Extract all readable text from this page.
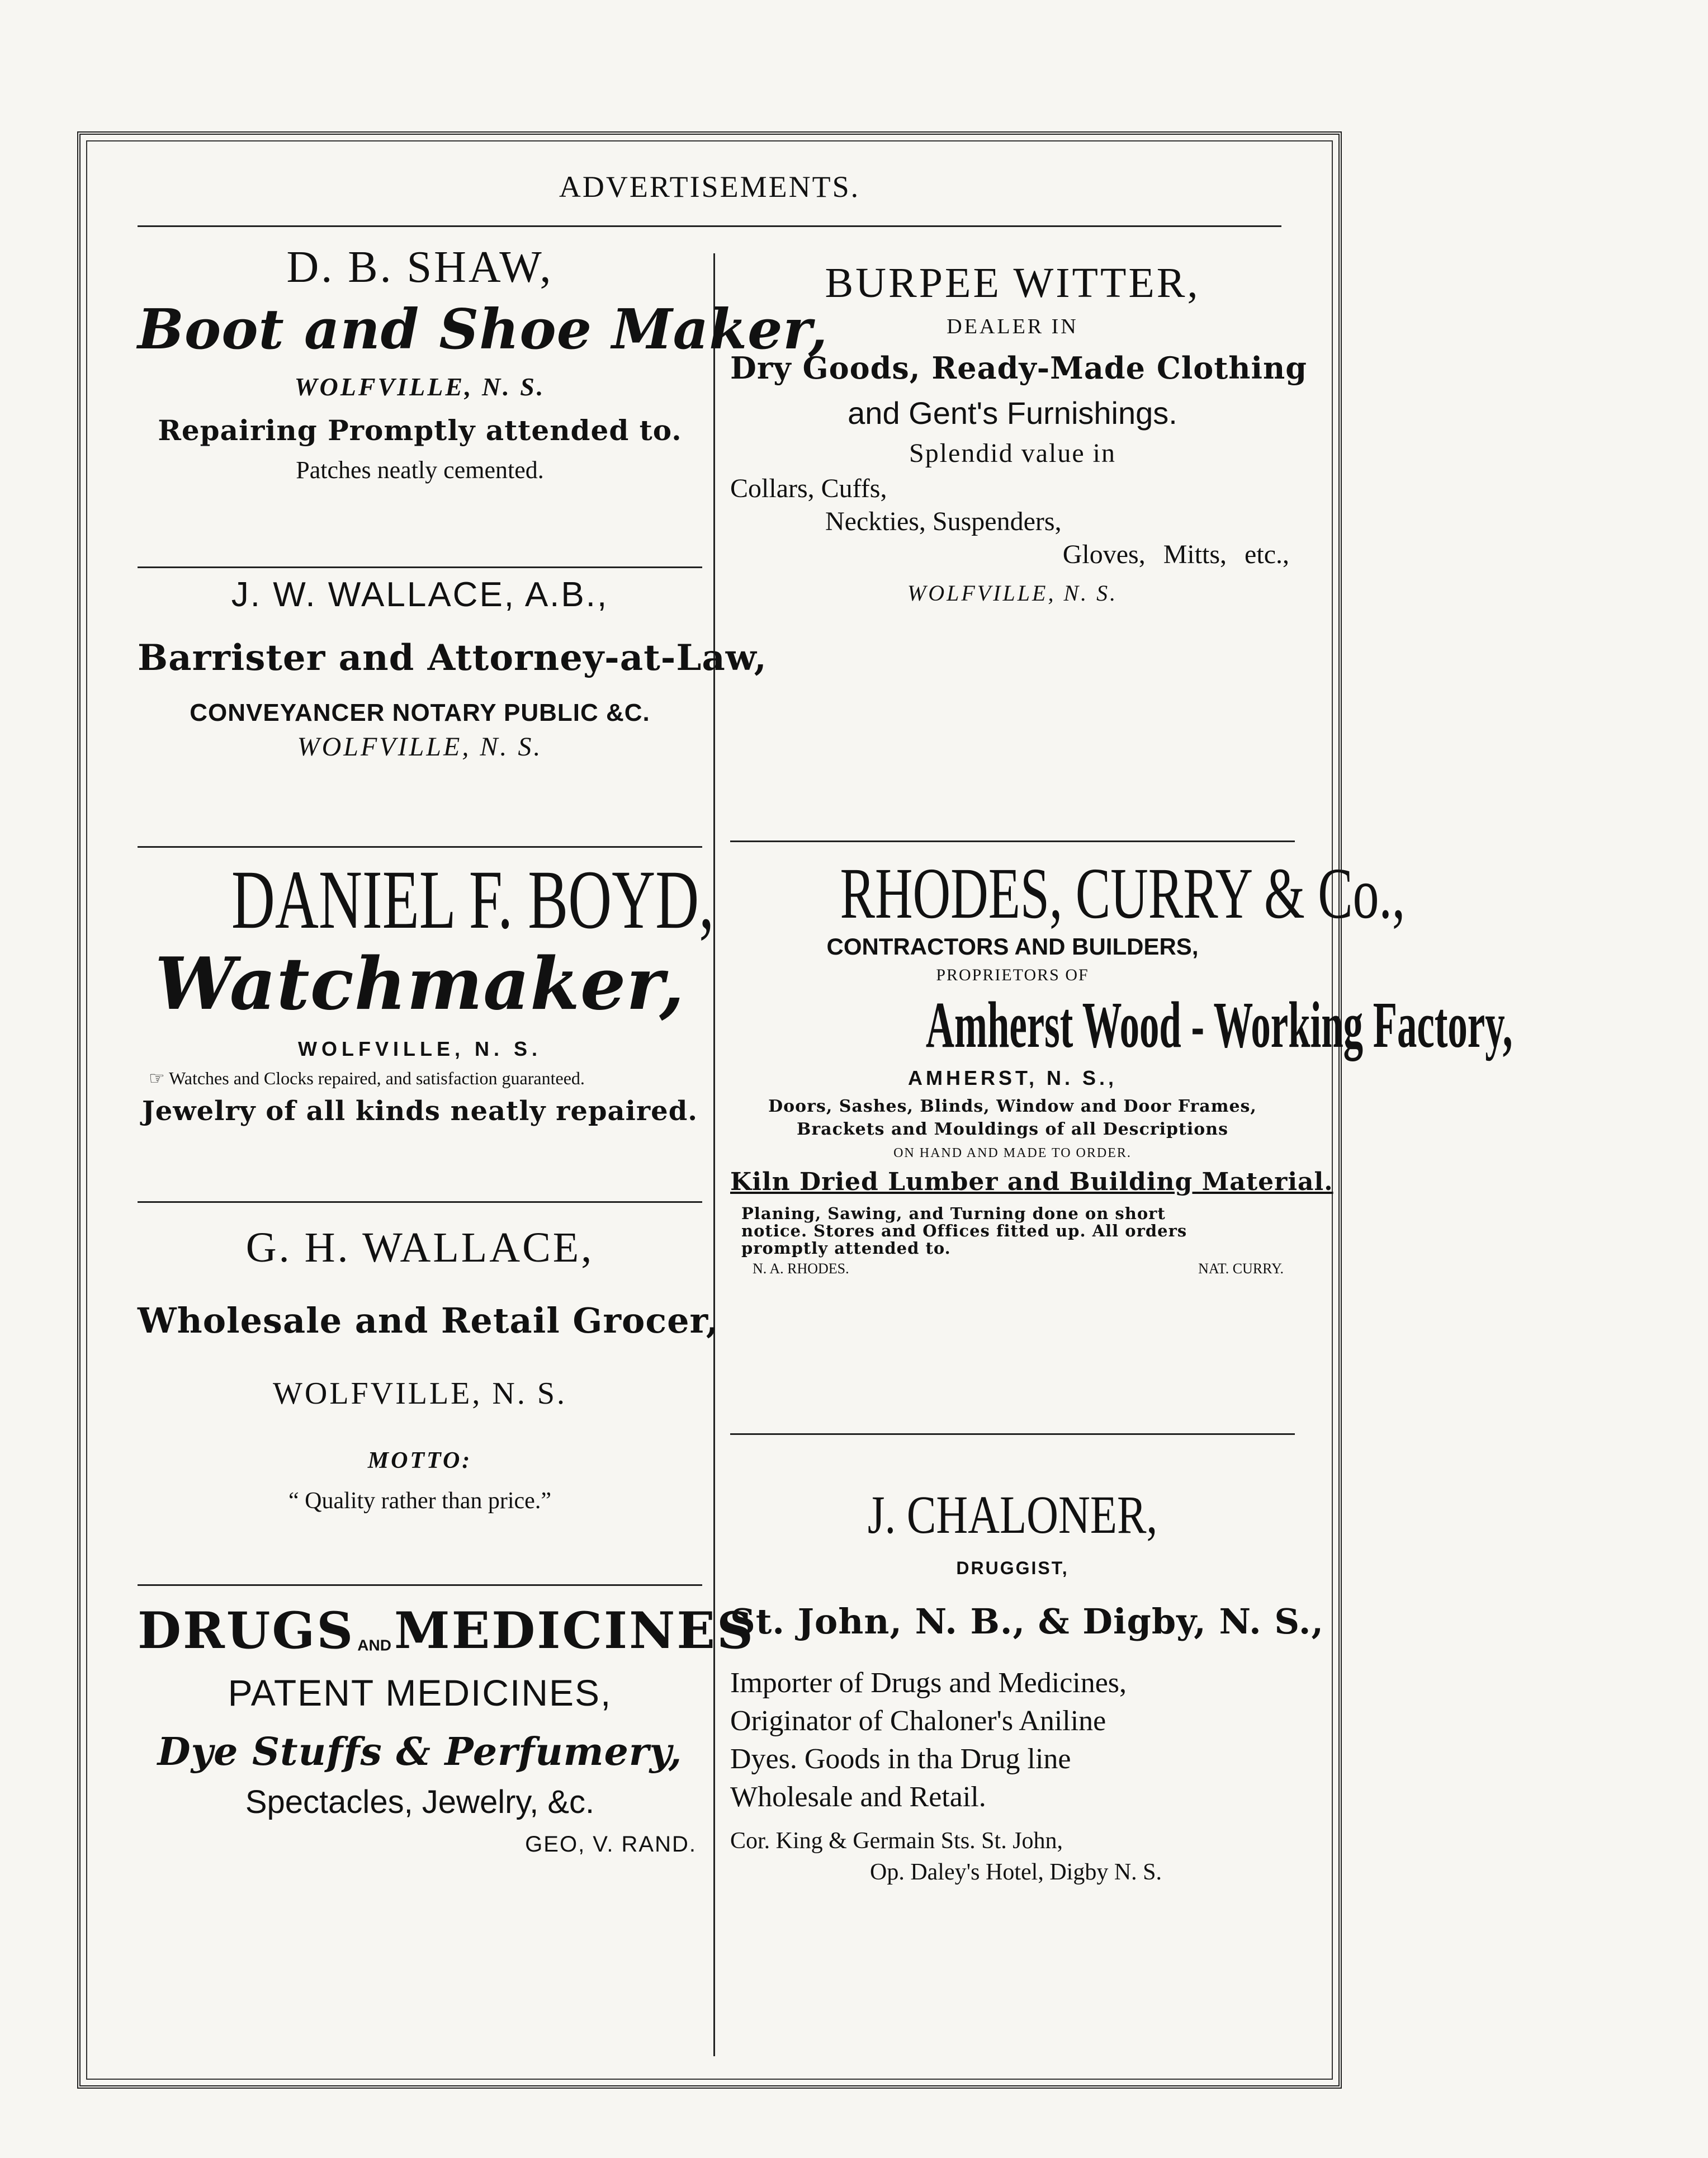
ADVERTISEMENTS.
D. B. SHAW,
Boot and Shoe Maker,
WOLFVILLE, N. S.
Repairing Promptly attended to.
Patches neatly cemented.
J. W. WALLACE, A.B.,
Barrister and Attorney-at-Law,
CONVEYANCER NOTARY PUBLIC &C.
WOLFVILLE, N. S.
DANIEL F. BOYD,
Watchmaker,
WOLFVILLE, N. S.
☞ Watches and Clocks repaired, and satisfaction guaranteed.
Jewelry of all kinds neatly repaired.
G. H. WALLACE,
Wholesale and Retail Grocer,
WOLFVILLE, N. S.
MOTTO:
“ Quality rather than price.”
DRUGS AND MEDICINES
PATENT MEDICINES,
Dye Stuffs & Perfumery,
Spectacles, Jewelry, &c.
GEO, V. RAND.
BURPEE WITTER,
DEALER IN
Dry Goods, Ready-Made Clothing
and Gent's Furnishings.
Splendid value in
Collars, Cuffs,
Neckties, Suspenders,
Gloves, Mitts, etc.,
WOLFVILLE, N. S.
RHODES, CURRY & Co.,
CONTRACTORS AND BUILDERS,
PROPRIETORS OF
Amherst Wood - Working Factory,
AMHERST, N. S.,
Doors, Sashes, Blinds, Window and Door Frames,
Brackets and Mouldings of all Descriptions
ON HAND AND MADE TO ORDER.
Kiln Dried Lumber and Building Material.
Planing, Sawing, and Turning done on short
notice. Stores and Offices fitted up. All orders
promptly attended to.
N. A. RHODES.	NAT. CURRY.
J. CHALONER,
DRUGGIST,
St. John, N. B., & Digby, N. S.,
Importer of Drugs and Medicines,
Originator of Chaloner's Aniline
Dyes. Goods in tha Drug line
Wholesale and Retail.
Cor. King & Germain Sts. St. John,
Op. Daley's Hotel, Digby N. S.
